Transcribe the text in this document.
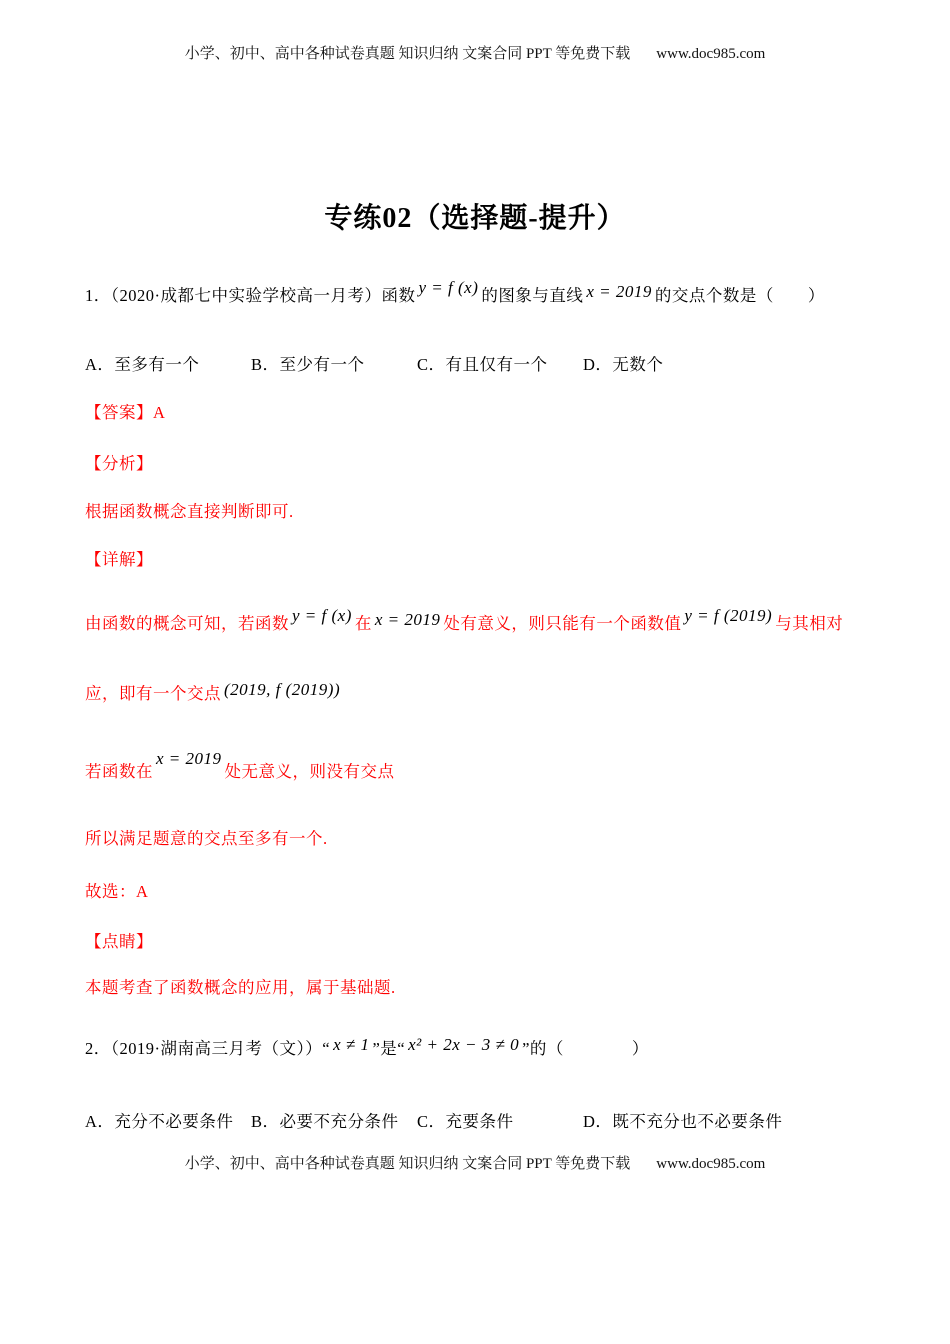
小学、初中、高中各种试卷真题 知识归纳 文案合同 PPT 等免费下载 www.doc985.com
专练02（选择题-提升）

1．（2020·成都七中实验学校高一月考）函数 y = f (x) 的图象与直线 x = 2019 的交点个数是（　　）

A．至多有一个	B．至少有一个	C．有且仅有一个 D．无数个

【答案】A

【分析】

根据函数概念直接判断即可.

【详解】

由函数的概念可知，若函数 y = f (x) 在 x = 2019 处有意义，则只能有一个函数值 y = f (2019) 与其相对

应，即有一个交点 (2019, f (2019))

若函数在x = 2019处无意义，则没有交点

所以满足题意的交点至多有一个.

故选：A

【点睛】

本题考查了函数概念的应用，属于基础题.

2．（2019·湖南高三月考（文））“ x ≠ 1 ”是“ x² + 2x − 3 ≠ 0 ”的（　　　　）

A．充分不必要条件 B．必要不充分条件 C．充要条件	D．既不充分也不必要条件

小学、初中、高中各种试卷真题 知识归纳 文案合同 PPT 等免费下载 www.doc985.com
